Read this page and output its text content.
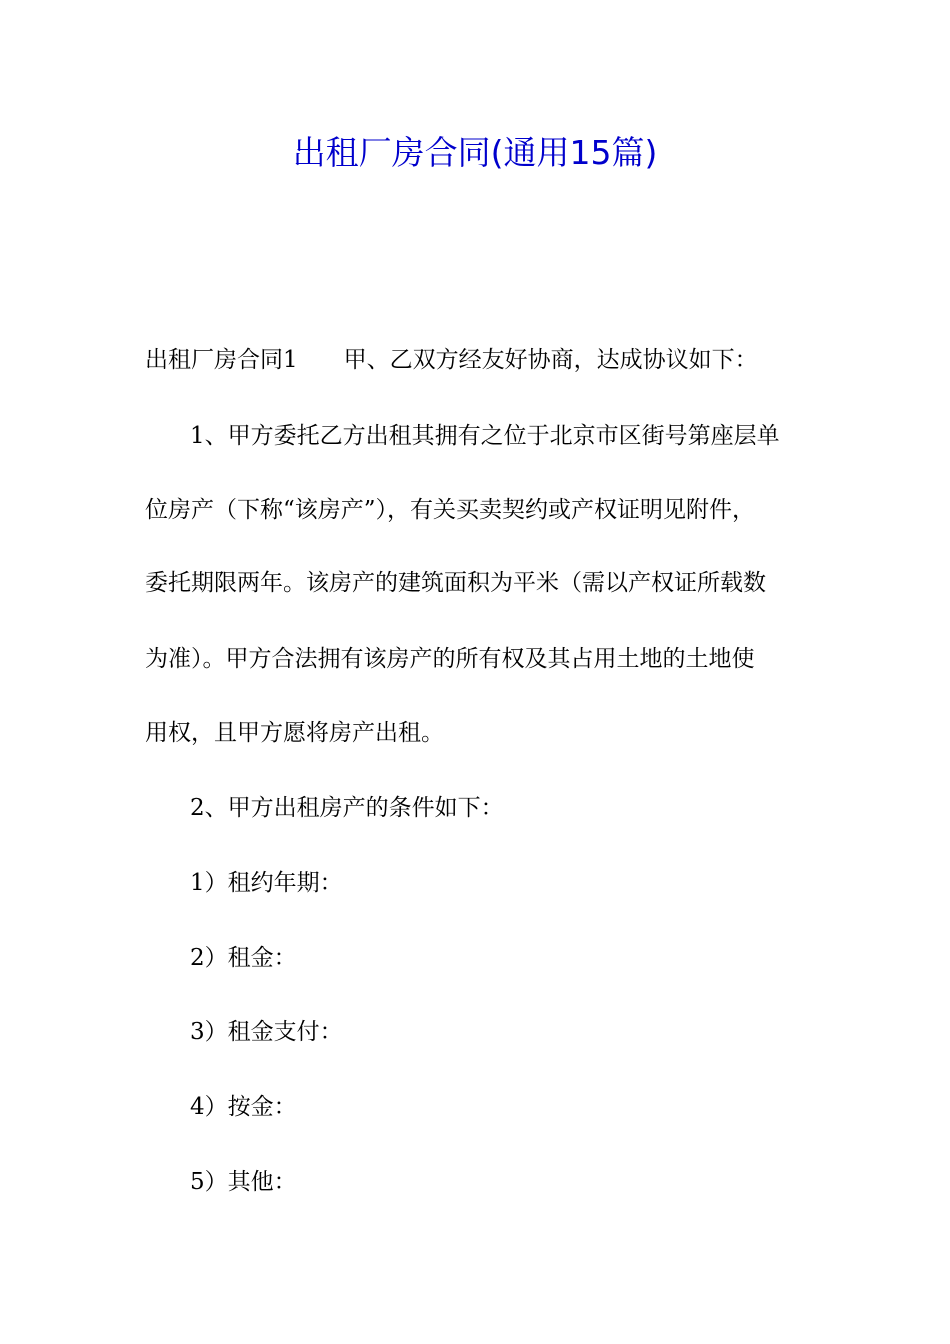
出租厂房合同(通用15篇)
出租厂房合同1 甲、乙双方经友好协商，达成协议如下：
1、甲方委托乙方出租其拥有之位于北京市区街号第座层单
位房产（下称“该房产”），有关买卖契约或产权证明见附件，
委托期限两年。该房产的建筑面积为平米（需以产权证所载数
为准）。甲方合法拥有该房产的所有权及其占用土地的土地使
用权，且甲方愿将房产出租。
2、甲方出租房产的条件如下：
1）租约年期：
2）租金：
3）租金支付：
4）按金：
5）其他：
